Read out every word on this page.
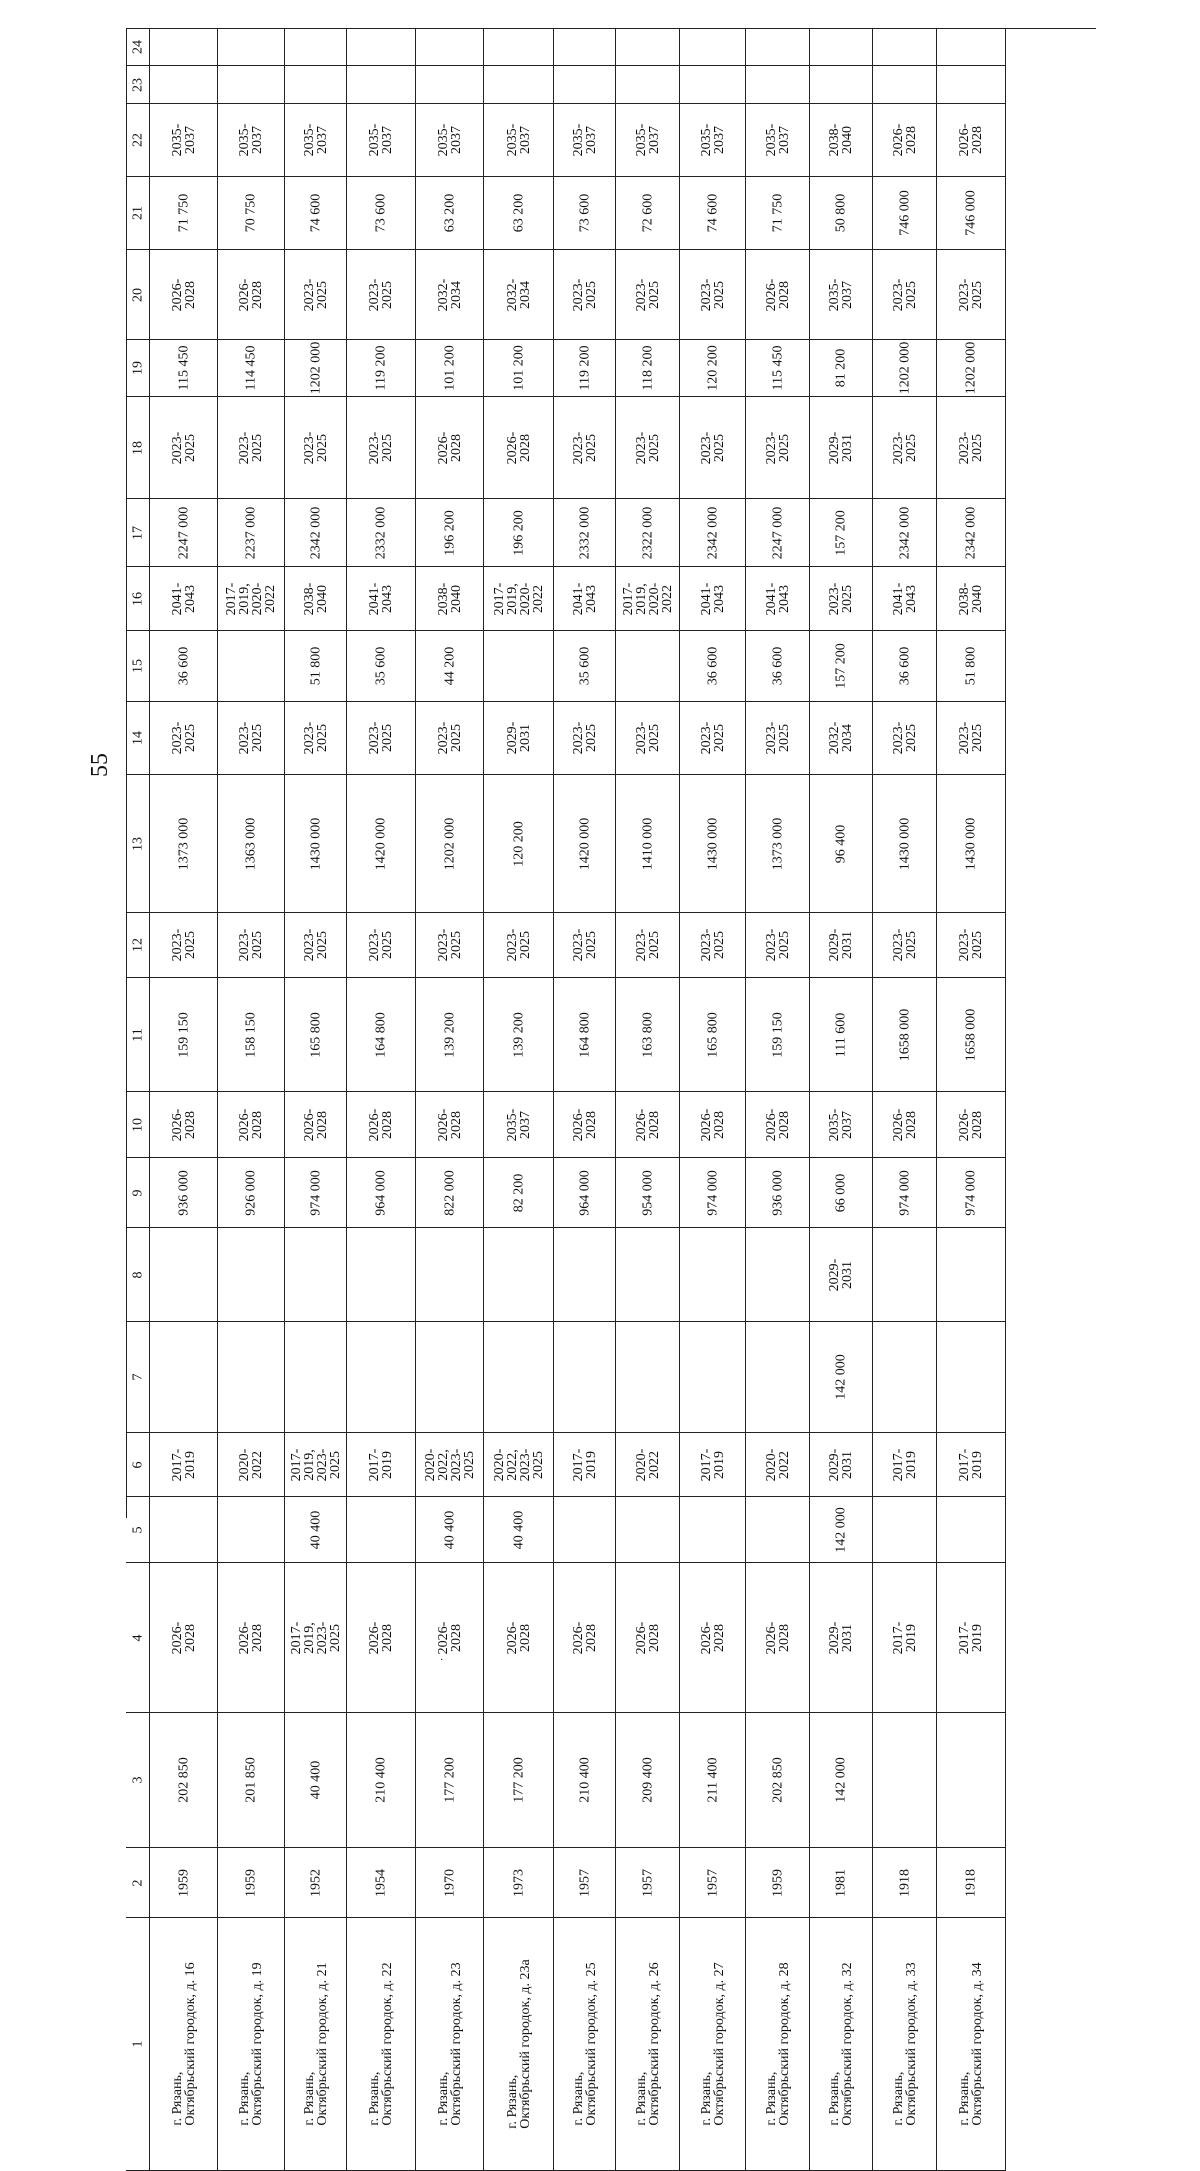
55
24
23
22
21
20
19
18
17
16
15
14
13
12
11
10
9
8
7
6
5
4
3
2
1
2035-
2037
71 750
2026-
2028
115 450
2023-
2025
2247 000
2041-
2043
36 600
2023-
2025
1373 000
2023-
2025
159 150
2026-
2028
936 000
2017-
2019
2026-
2028
202 850
1959
г. Рязань,
Октябрьский городок, д. 16
2035-
2037
70 750
2026-
2028
114 450
2023-
2025
2237 000
2017-
2019,
2020-
2022
2023-
2025
1363 000
2023-
2025
158 150
2026-
2028
926 000
2020-
2022
2026-
2028
201 850
1959
г. Рязань,
Октябрьский городок, д. 19
2035-
2037
74 600
2023-
2025
1202 000
2023-
2025
2342 000
2038-
2040
51 800
2023-
2025
1430 000
2023-
2025
165 800
2026-
2028
974 000
2017-
2019,
2023-
2025
40 400
2017-
2019,
2023-
2025
40 400
1952
г. Рязань,
Октябрьский городок, д. 21
2035-
2037
73 600
2023-
2025
119 200
2023-
2025
2332 000
2041-
2043
35 600
2023-
2025
1420 000
2023-
2025
164 800
2026-
2028
964 000
2017-
2019
2026-
2028
210 400
1954
г. Рязань,
Октябрьский городок, д. 22
2035-
2037
63 200
2032-
2034
101 200
2026-
2028
196 200
2038-
2040
44 200
2023-
2025
1202 000
2023-
2025
139 200
2026-
2028
822 000
2020-
2022,
2023-
2025
40 400
2026-
2028
177 200
1970
г. Рязань,
Октябрьский городок, д. 23
2035-
2037
63 200
2032-
2034
101 200
2026-
2028
196 200
2017-
2019,
2020-
2022
2029-
2031
120 200
2023-
2025
139 200
2035-
2037
82 200
2020-
2022,
2023-
2025
40 400
2026-
2028
177 200
1973
г. Рязань,
Октябрьский городок, д. 23а
2035-
2037
73 600
2023-
2025
119 200
2023-
2025
2332 000
2041-
2043
35 600
2023-
2025
1420 000
2023-
2025
164 800
2026-
2028
964 000
2017-
2019
2026-
2028
210 400
1957
г. Рязань,
Октябрьский городок, д. 25
2035-
2037
72 600
2023-
2025
118 200
2023-
2025
2322 000
2017-
2019,
2020-
2022
2023-
2025
1410 000
2023-
2025
163 800
2026-
2028
954 000
2020-
2022
2026-
2028
209 400
1957
г. Рязань,
Октябрьский городок, д. 26
2035-
2037
74 600
2023-
2025
120 200
2023-
2025
2342 000
2041-
2043
36 600
2023-
2025
1430 000
2023-
2025
165 800
2026-
2028
974 000
2017-
2019
2026-
2028
211 400
1957
г. Рязань,
Октябрьский городок, д. 27
2035-
2037
71 750
2026-
2028
115 450
2023-
2025
2247 000
2041-
2043
36 600
2023-
2025
1373 000
2023-
2025
159 150
2026-
2028
936 000
2020-
2022
2026-
2028
202 850
1959
г. Рязань,
Октябрьский городок, д. 28
2038-
2040
50 800
2035-
2037
81 200
2029-
2031
157 200
2023-
2025
157 200
2032-
2034
96 400
2029-
2031
111 600
2035-
2037
66 000
2029-
2031
142 000
2029-
2031
142 000
2029-
2031
142 000
1981
г. Рязань,
Октябрьский городок, д. 32
2026-
2028
746 000
2023-
2025
1202 000
2023-
2025
2342 000
2041-
2043
36 600
2023-
2025
1430 000
2023-
2025
1658 000
2026-
2028
974 000
2017-
2019
2017-
2019
1918
г. Рязань,
Октябрьский городок, д. 33
2026-
2028
746 000
2023-
2025
1202 000
2023-
2025
2342 000
2038-
2040
51 800
2023-
2025
1430 000
2023-
2025
1658 000
2026-
2028
974 000
2017-
2019
2017-
2019
1918
г. Рязань,
Октябрьский городок, д. 34
·
